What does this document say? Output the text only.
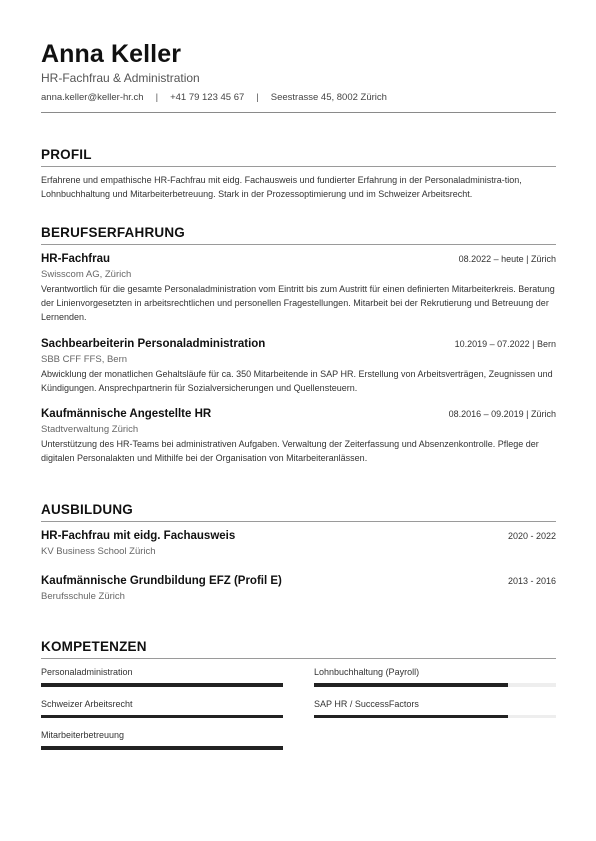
Anna Keller
HR-Fachfrau & Administration
anna.keller@keller-hr.ch | +41 79 123 45 67 | Seestrasse 45, 8002 Zürich
PROFIL
Erfahrene und empathische HR-Fachfrau mit eidg. Fachausweis und fundierter Erfahrung in der Personaladministra-tion, Lohnbuchhaltung und Mitarbeiterbetreuung. Stark in der Prozessoptimierung und im Schweizer Arbeitsrecht.
BERUFSERFAHRUNG
HR-Fachfrau	08.2022 – heute | Zürich
Swisscom AG, Zürich
Verantwortlich für die gesamte Personaladministration vom Eintritt bis zum Austritt für einen definierten Mitarbeiterkreis. Beratung der Linienvorgesetzten in arbeitsrechtlichen und personellen Fragestellungen. Mitarbeit bei der Rekrutierung und Betreuung der Lernenden.
Sachbearbeiterin Personaladministration	10.2019 – 07.2022 | Bern
SBB CFF FFS, Bern
Abwicklung der monatlichen Gehaltsläufe für ca. 350 Mitarbeitende in SAP HR. Erstellung von Arbeitsverträgen, Zeugnissen und Kündigungen. Ansprechpartnerin für Sozialversicherungen und Quellensteuern.
Kaufmännische Angestellte HR	08.2016 – 09.2019 | Zürich
Stadtverwaltung Zürich
Unterstützung des HR-Teams bei administrativen Aufgaben. Verwaltung der Zeiterfassung und Absenzenkontrolle. Pflege der digitalen Personalakten und Mithilfe bei der Organisation von Mitarbeiteranlässen.
AUSBILDUNG
HR-Fachfrau mit eidg. Fachausweis	2020 - 2022
KV Business School Zürich
Kaufmännische Grundbildung EFZ (Profil E)	2013 - 2016
Berufsschule Zürich
KOMPETENZEN
Personaladministration	Lohnbuchhaltung (Payroll)
Schweizer Arbeitsrecht	SAP HR / SuccessFactors
Mitarbeiterbetreuung
